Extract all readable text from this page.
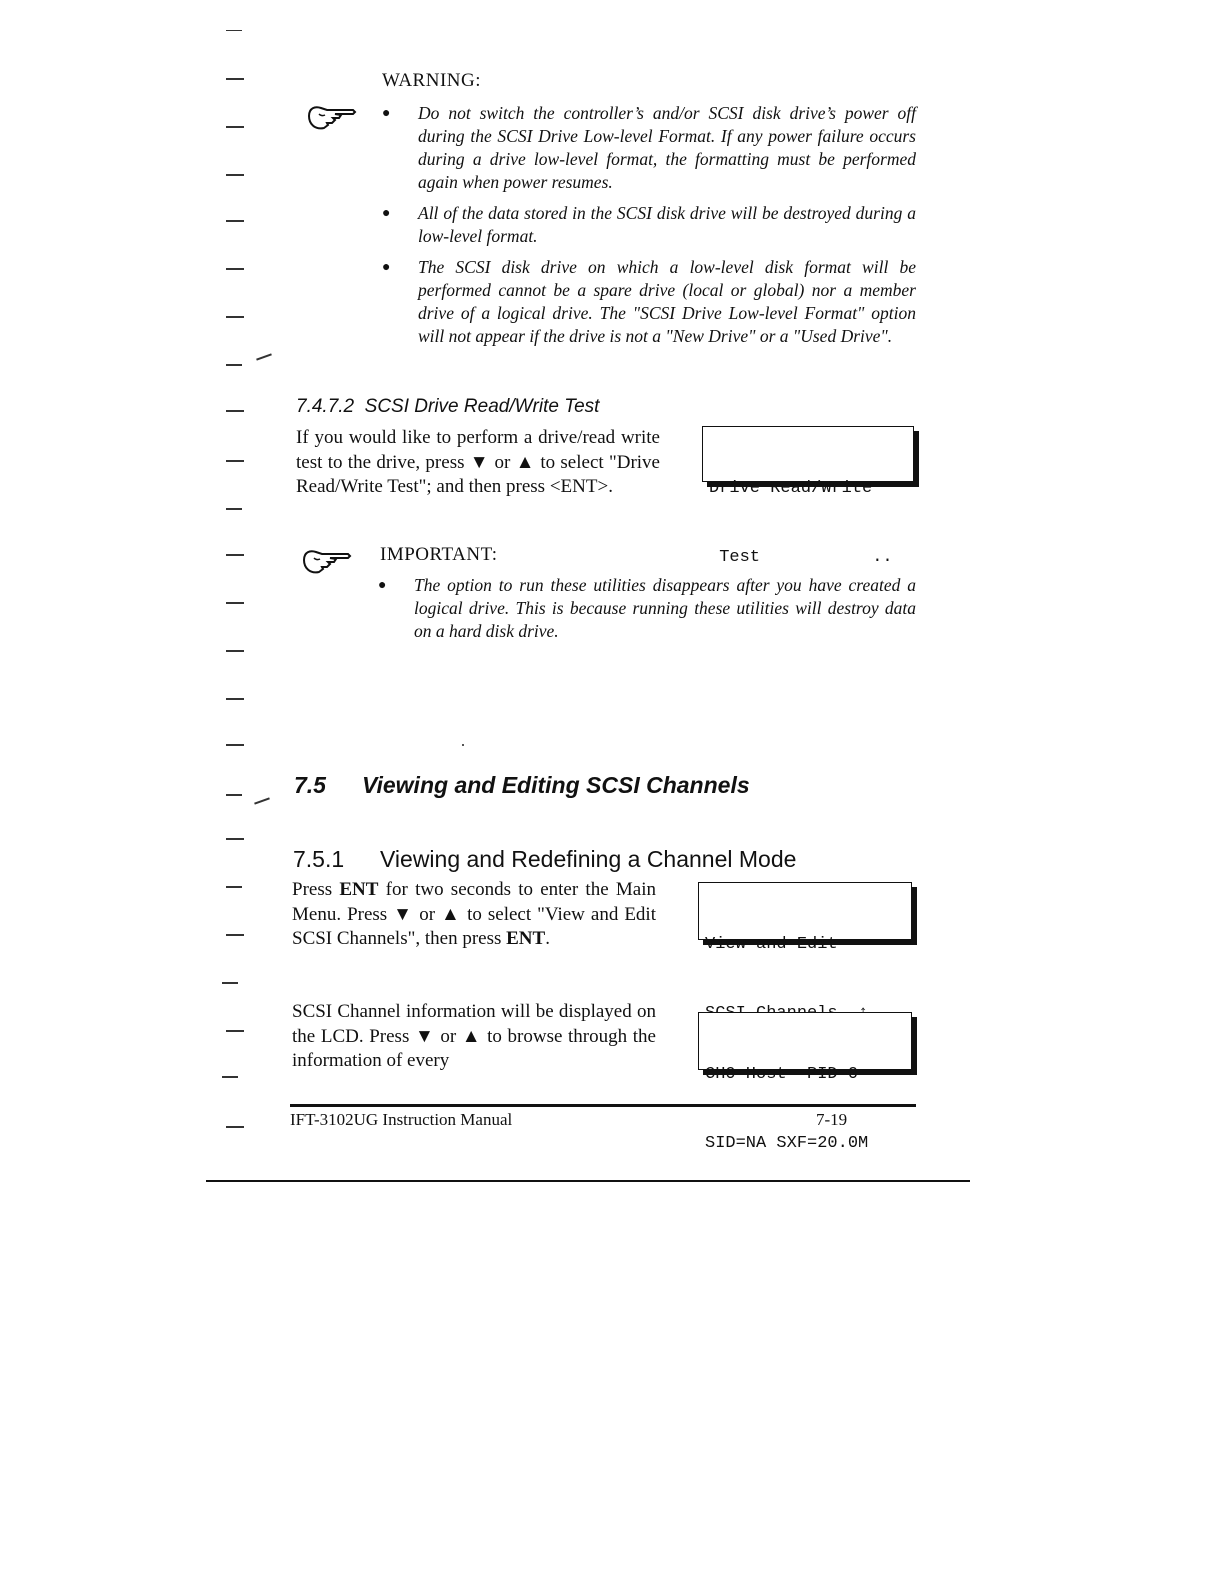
WARNING:
● Do not switch the controller’s and/or SCSI disk drive’s power off during the SCSI Drive Low-level Format. If any power failure occurs during a drive low-level format, the formatting must be performed again when power resumes.
● All of the data stored in the SCSI disk drive will be destroyed during a low-level format.
● The SCSI disk drive on which a low-level disk format will be performed cannot be a spare drive (local or global) nor a member drive of a logical drive. The "SCSI Drive Low-level Format" option will not appear if the drive is not a "New Drive" or a "Used Drive".
7.4.7.2  SCSI Drive Read/Write Test
If you would like to perform a drive/read write test to the drive, press ▼ or ▲ to select "Drive Read/Write Test"; and then press <ENT>.

	Drive Read/Write

Test           ..

IMPORTANT:
● The option to run these utilities disappears after you have created a logical drive. This is because running these utilities will destroy data on a hard disk drive.
7.5 Viewing and Editing SCSI Channels
7.5.1 Viewing and Redefining a Channel Mode
Press ENT for two seconds to enter the Main Menu. Press ▼ or ▲ to select "View and Edit SCSI Channels", then press ENT.

	View and Edit

SCSI Channel information will be displayed on the LCD. Press ▼ or ▲ to browse through the information of every

CH0=Host  PID=0

SID=NA SXF=20.0M

IFT-3102UG Instruction Manual	7-19
